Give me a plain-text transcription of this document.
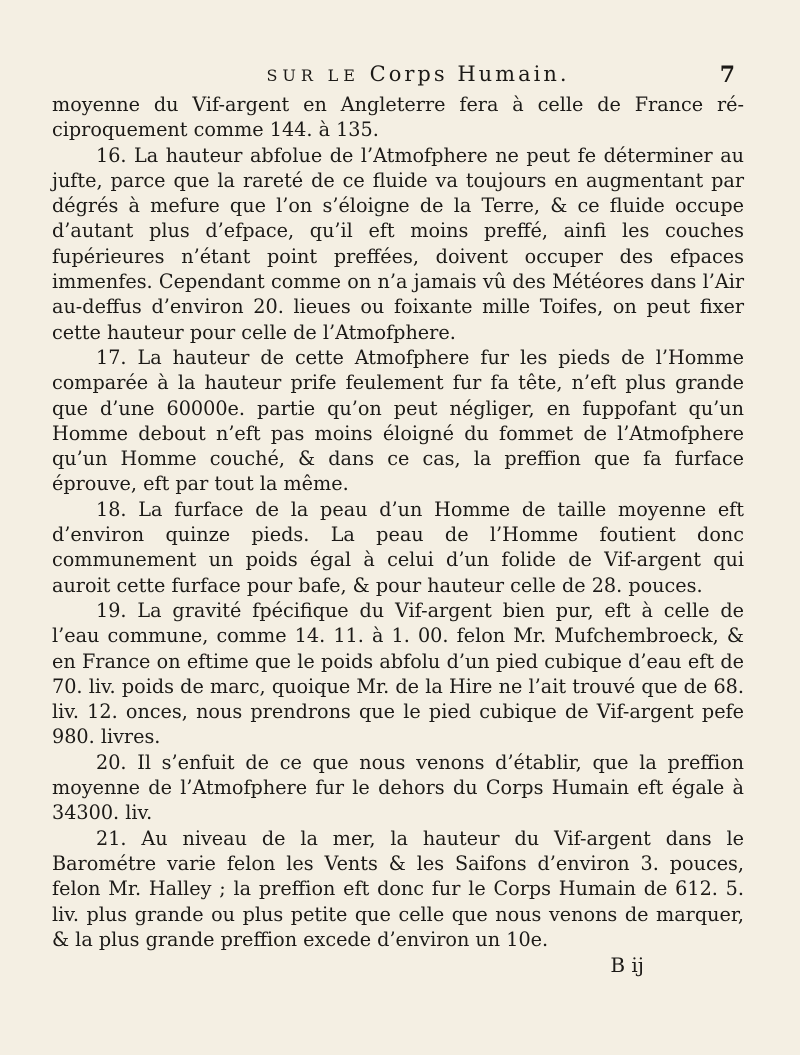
SUR LE Corps Humain.	7

moyenne du Vif-argent en Angleterre fera à celle de France ré-ciproquement comme 144. à 135.

16. La hauteur abfolue de l’Atmofphere ne peut fe déterminer au jufte, parce que la rareté de ce fluide va toujours en augmentant par dégrés à mefure que l’on s’éloigne de la Terre, & ce fluide occupe d’autant plus d’efpace, qu’il eft moins preffé, ainfi les couches fupérieures n’étant point preffées, doivent occuper des efpaces immenfes. Cependant comme on n’a jamais vû des Météores dans l’Air au-deffus d’environ 20. lieues ou foixante mille Toifes, on peut fixer cette hauteur pour celle de l’Atmofphere.

17. La hauteur de cette Atmofphere fur les pieds de l’Homme comparée à la hauteur prife feulement fur fa tête, n’eft plus grande que d’une 60000e. partie qu’on peut négliger, en fuppofant qu’un Homme debout n’eft pas moins éloigné du fommet de l’Atmofphere qu’un Homme couché, & dans ce cas, la preffion que fa furface éprouve, eft par tout la même.

18. La furface de la peau d’un Homme de taille moyenne eft d’environ quinze pieds. La peau de l’Homme foutient donc communement un poids égal à celui d’un folide de Vif-argent qui auroit cette furface pour bafe, & pour hauteur celle de 28. pouces.

19. La gravité fpécifique du Vif-argent bien pur, eft à celle de l’eau commune, comme 14. 11. à 1. 00. felon Mr. Mufchembroeck, & en France on eftime que le poids abfolu d’un pied cubique d’eau eft de 70. liv. poids de marc, quoique Mr. de la Hire ne l’ait trouvé que de 68. liv. 12. onces, nous prendrons que le pied cubique de Vif-argent pefe 980. livres.

20. Il s’enfuit de ce que nous venons d’établir, que la preffion moyenne de l’Atmofphere fur le dehors du Corps Humain eft égale à 34300. liv.

21. Au niveau de la mer, la hauteur du Vif-argent dans le Barométre varie felon les Vents & les Saifons d’environ 3. pouces, felon Mr. Halley ; la preffion eft donc fur le Corps Humain de 612. 5. liv. plus grande ou plus petite que celle que nous venons de marquer, & la plus grande preffion excede d’environ un 10e.

B ij
